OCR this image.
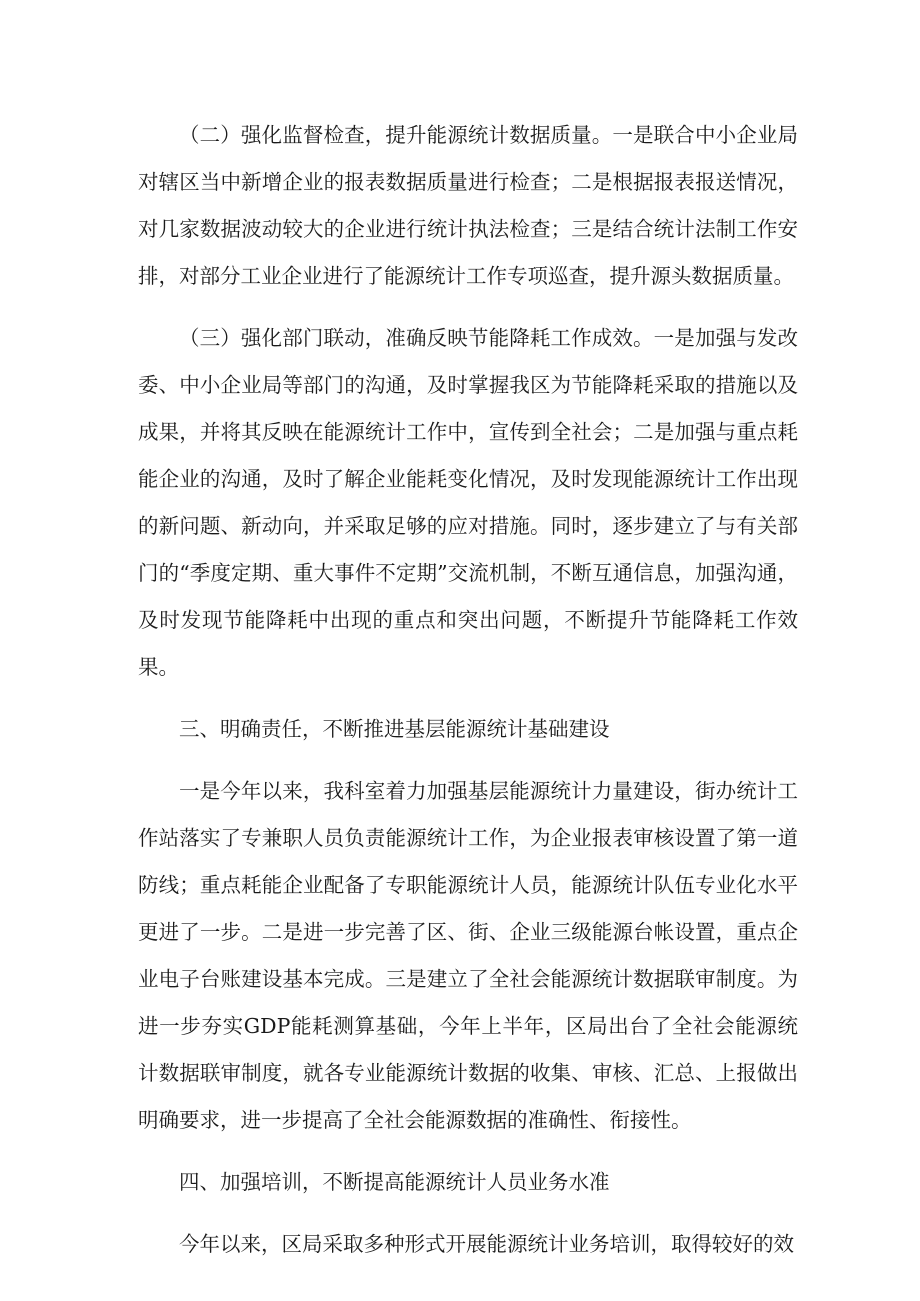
（二）强化监督检查，提升能源统计数据质量。一是联合中小企业局对辖区当中新增企业的报表数据质量进行检查；二是根据报表报送情况，对几家数据波动较大的企业进行统计执法检查；三是结合统计法制工作安排，对部分工业企业进行了能源统计工作专项巡查，提升源头数据质量。

（三）强化部门联动，准确反映节能降耗工作成效。一是加强与发改委、中小企业局等部门的沟通，及时掌握我区为节能降耗采取的措施以及成果，并将其反映在能源统计工作中，宣传到全社会；二是加强与重点耗能企业的沟通，及时了解企业能耗变化情况，及时发现能源统计工作出现的新问题、新动向，并采取足够的应对措施。同时，逐步建立了与有关部门的“季度定期、重大事件不定期”交流机制，不断互通信息，加强沟通，及时发现节能降耗中出现的重点和突出问题，不断提升节能降耗工作效果。

三、明确责任，不断推进基层能源统计基础建设

一是今年以来，我科室着力加强基层能源统计力量建设，街办统计工作站落实了专兼职人员负责能源统计工作，为企业报表审核设置了第一道防线；重点耗能企业配备了专职能源统计人员，能源统计队伍专业化水平更进了一步。二是进一步完善了区、街、企业三级能源台帐设置，重点企业电子台账建设基本完成。三是建立了全社会能源统计数据联审制度。为进一步夯实GDP能耗测算基础，今年上半年，区局出台了全社会能源统计数据联审制度，就各专业能源统计数据的收集、审核、汇总、上报做出明确要求，进一步提高了全社会能源数据的准确性、衔接性。

四、加强培训，不断提高能源统计人员业务水准

今年以来，区局采取多种形式开展能源统计业务培训，取得较好的效
